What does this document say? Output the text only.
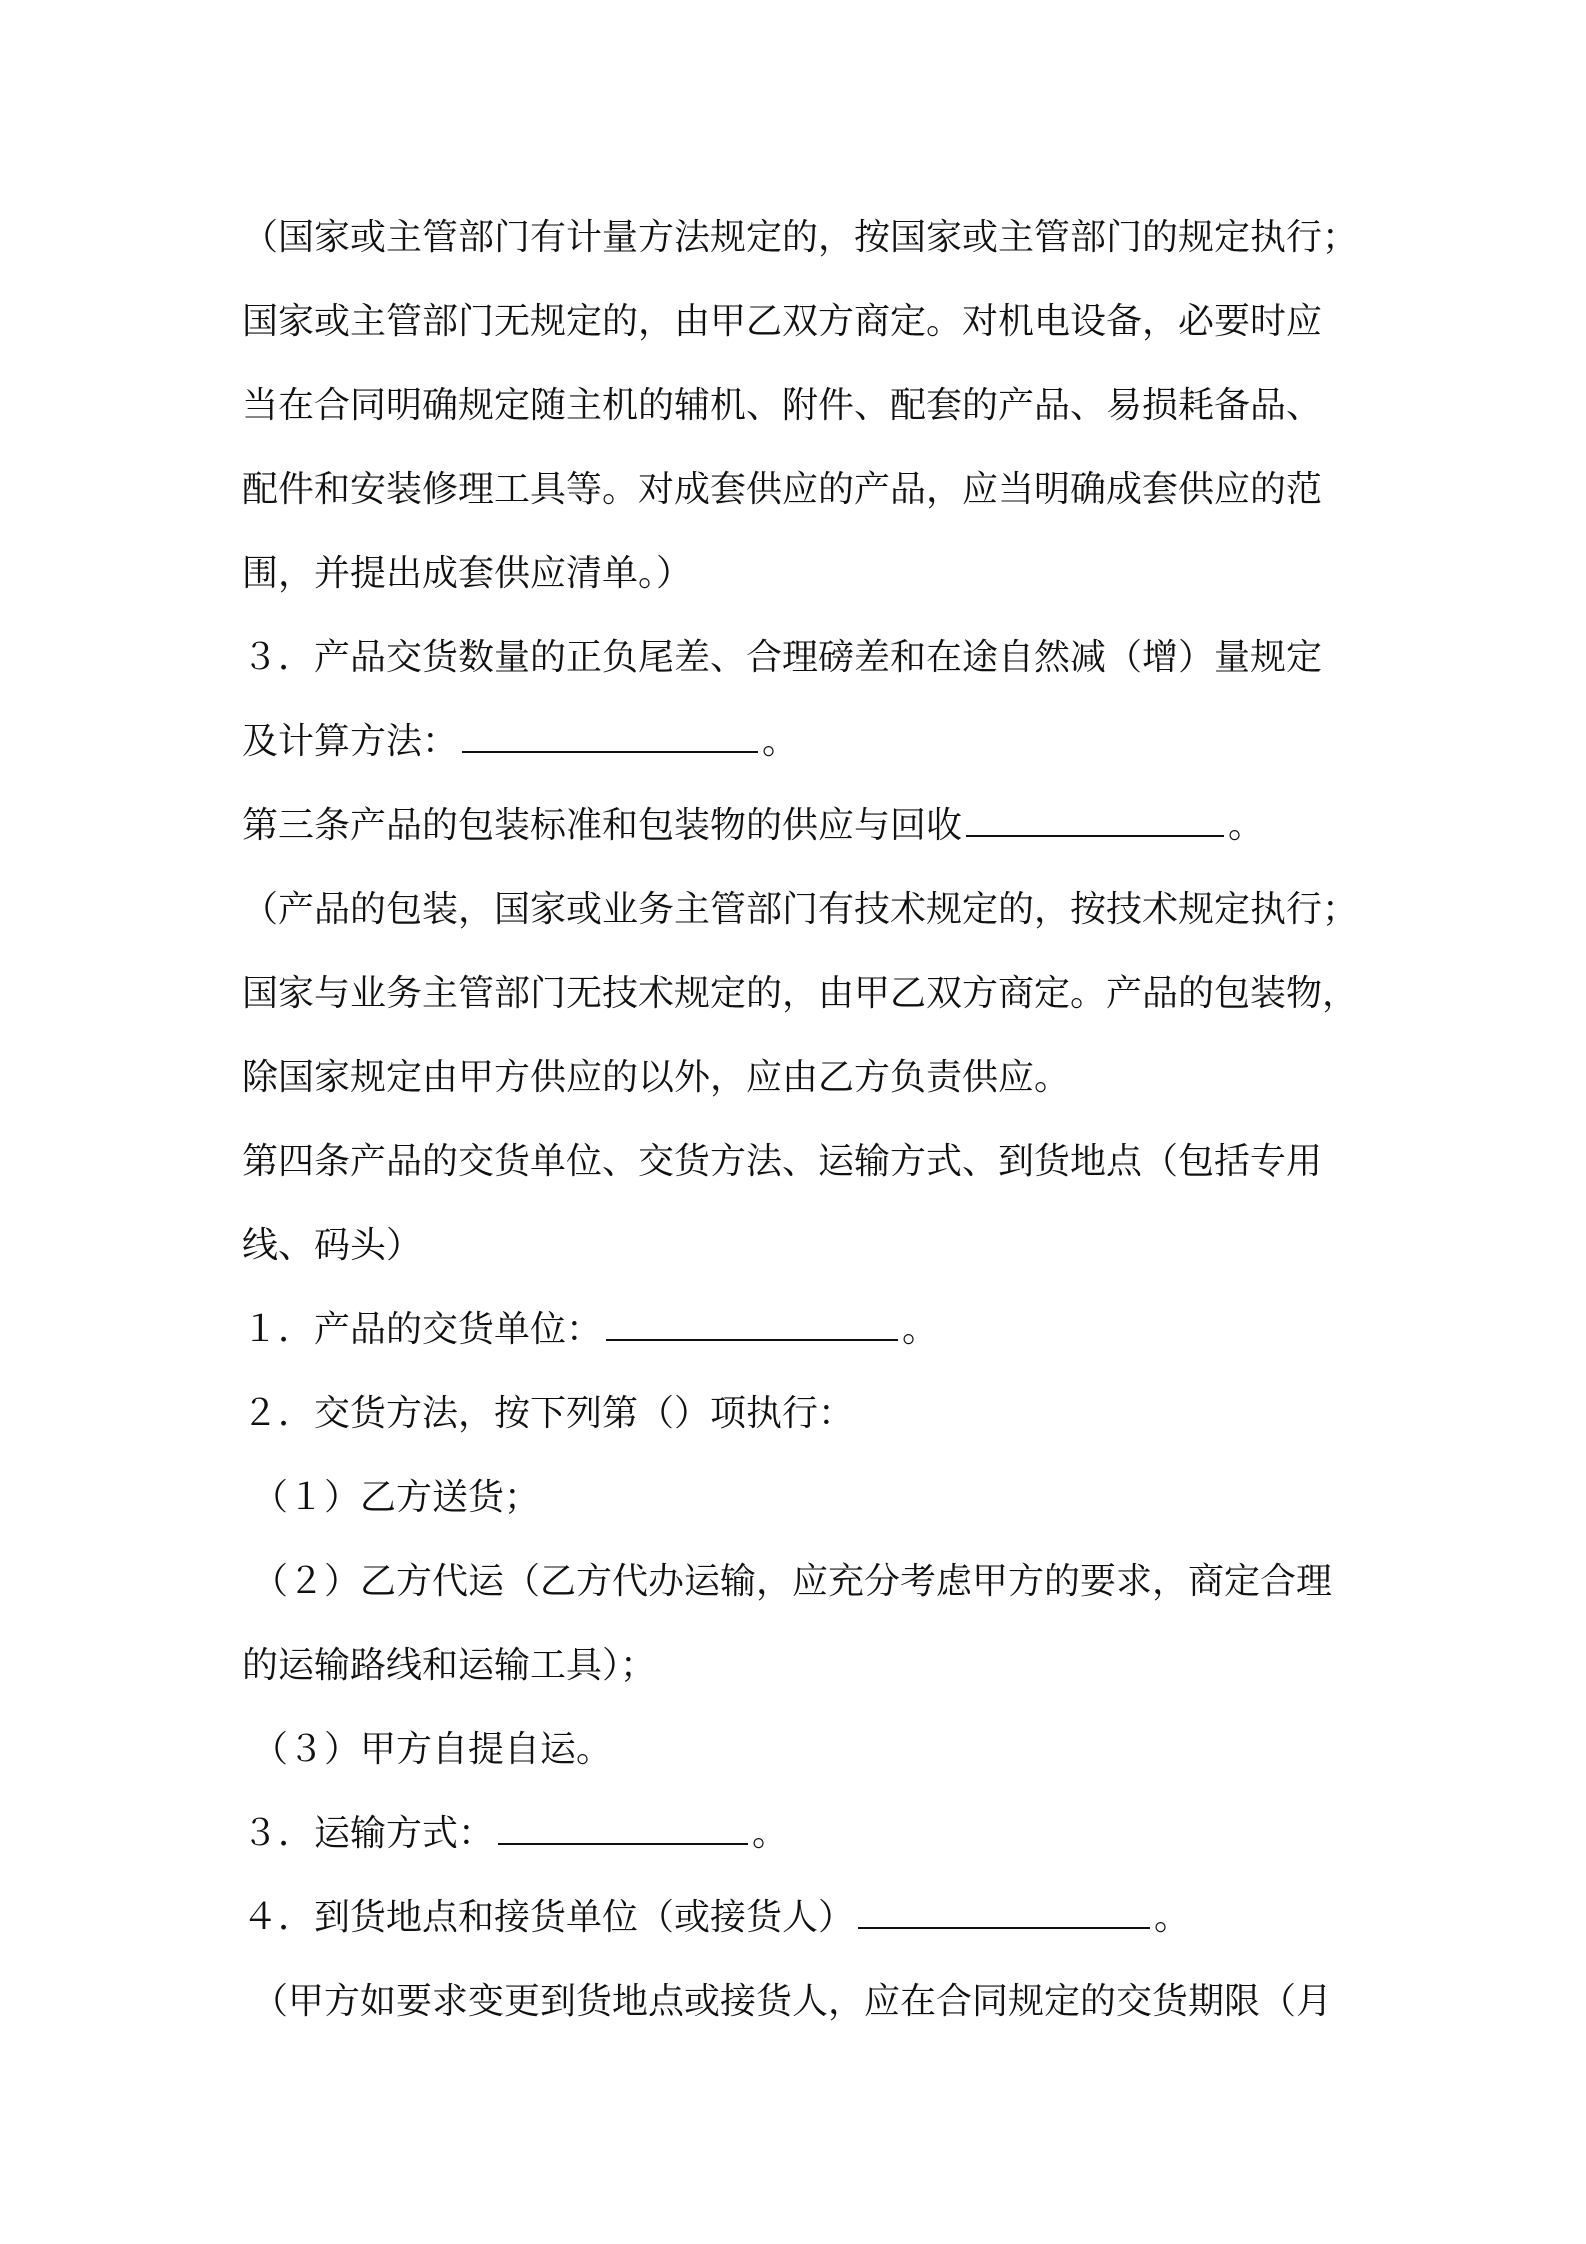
（国家或主管部门有计量方法规定的，按国家或主管部门的规定执行；
国家或主管部门无规定的，由甲乙双方商定。对机电设备，必要时应
当在合同明确规定随主机的辅机、附件、配套的产品、易损耗备品、
配件和安装修理工具等。对成套供应的产品，应当明确成套供应的范
围，并提出成套供应清单。）
３．产品交货数量的正负尾差、合理磅差和在途自然减（增）量规定
及计算方法：	。
第三条产品的包装标准和包装物的供应与回收	。
（产品的包装，国家或业务主管部门有技术规定的，按技术规定执行；
国家与业务主管部门无技术规定的，由甲乙双方商定。产品的包装物，
除国家规定由甲方供应的以外，应由乙方负责供应。
第四条产品的交货单位、交货方法、运输方式、到货地点（包括专用
线、码头）
１．产品的交货单位：	。
２．交货方法，按下列第（）项执行：
（１）乙方送货；
（２）乙方代运（乙方代办运输，应充分考虑甲方的要求，商定合理
的运输路线和运输工具）；
（３）甲方自提自运。
３．运输方式：	。
４．到货地点和接货单位（或接货人）	。
（甲方如要求变更到货地点或接货人，应在合同规定的交货期限（月
